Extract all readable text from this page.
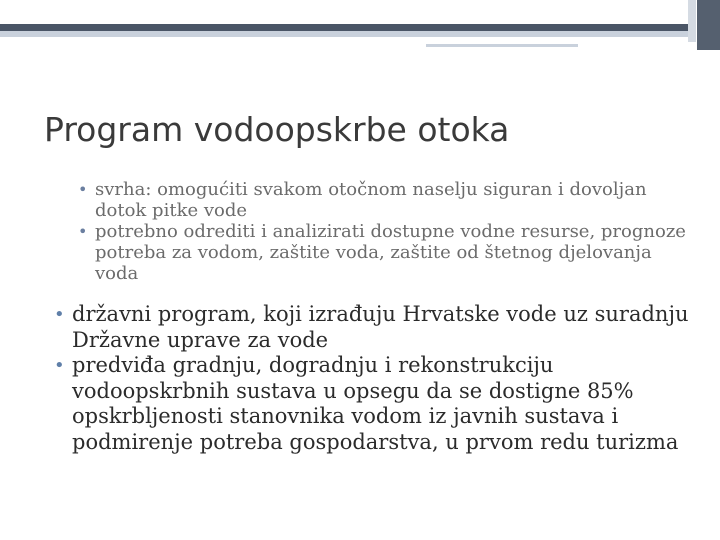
Program vodoopskrbe otoka
• svrha: omogućiti svakom otočnom naselju siguran i dovoljan dotok pitke vode
• potrebno odrediti i analizirati dostupne vodne resurse, prognoze potreba za vodom, zaštite voda, zaštite od štetnog djelovanja voda
• državni program, koji izrađuju Hrvatske vode uz suradnju Državne uprave za vode
• predviđa gradnju, dogradnju i rekonstrukciju vodoopskrbnih sustava u opsegu da se dostigne 85% opskrbljenosti stanovnika vodom iz javnih sustava i podmirenje potreba gospodarstva, u prvom redu turizma
